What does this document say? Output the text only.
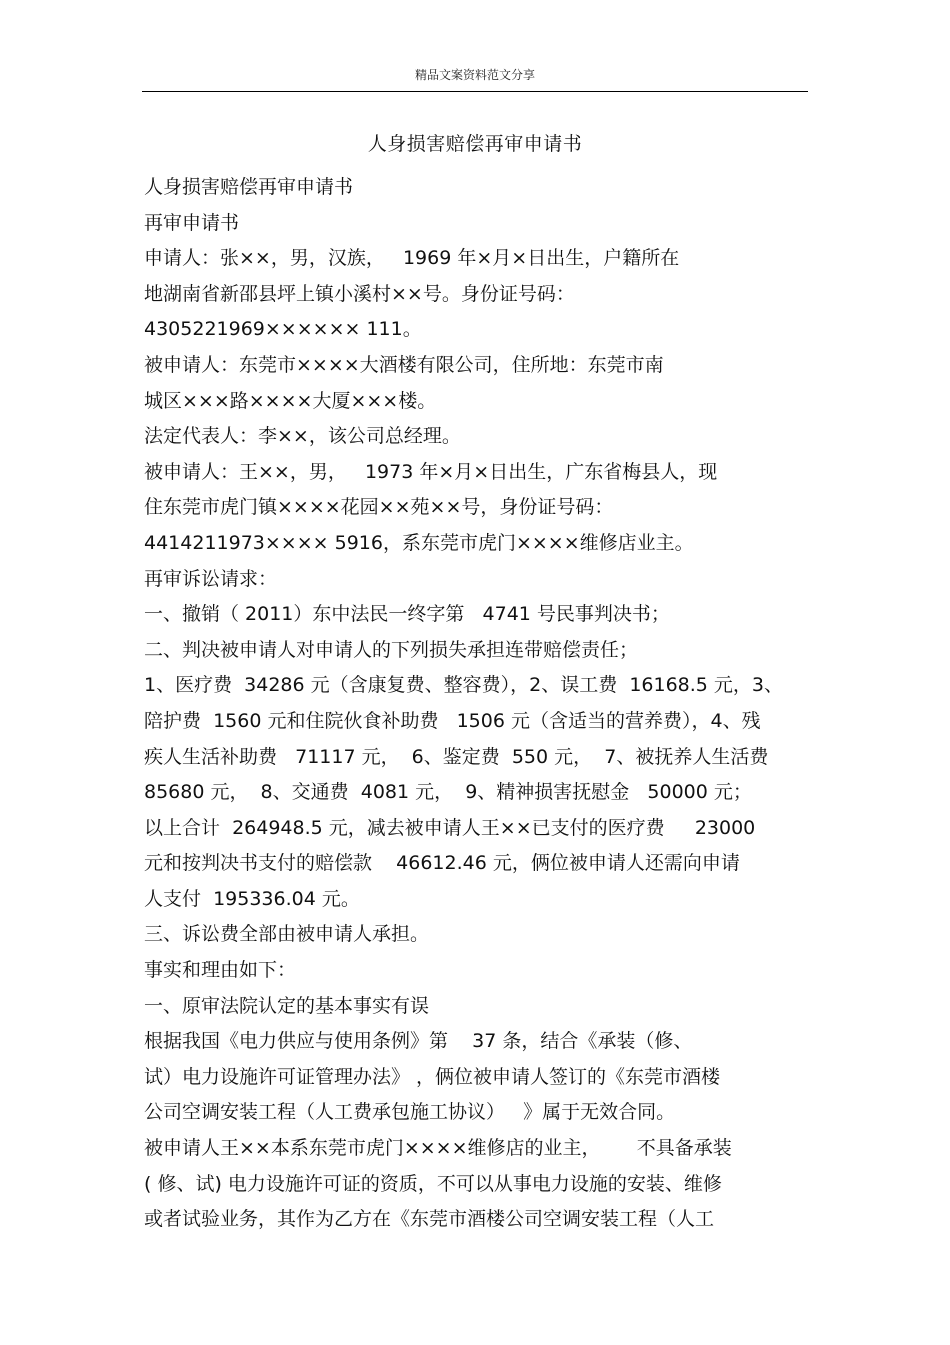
精品文案资料范文分享
人身损害赔偿再审申请书
人身损害赔偿再审申请书
再审申请书
申请人：张××，男，汉族，   1969 年×月×日出生，户籍所在
地湖南省新邵县坪上镇小溪村××号。身份证号码：
4305221969×××××× 111。
被申请人：东莞市××××大酒楼有限公司，住所地：东莞市南
城区×××路××××大厦×××楼。
法定代表人：李××，该公司总经理。
被申请人：王××，男，   1973 年×月×日出生，广东省梅县人，现
住东莞市虎门镇××××花园××苑××号，身份证号码：
4414211973×××× 5916，系东莞市虎门××××维修店业主。
再审诉讼请求：
一、撤销（ 2011）东中法民一终字第   4741 号民事判决书；
二、判决被申请人对申请人的下列损失承担连带赔偿责任；
1、医疗费  34286 元（含康复费、整容费），2、误工费  16168.5 元，3、
陪护费  1560 元和住院伙食补助费   1506 元（含适当的营养费），4、残
疾人生活补助费   71117 元，  6、鉴定费  550 元，  7、被抚养人生活费
85680 元，  8、交通费  4081 元，  9、精神损害抚慰金   50000 元；
以上合计  264948.5 元，减去被申请人王××已支付的医疗费     23000
元和按判决书支付的赔偿款    46612.46 元，俩位被申请人还需向申请
人支付  195336.04 元。
三、诉讼费全部由被申请人承担。
事实和理由如下：
一、原审法院认定的基本事实有误
根据我国《电力供应与使用条例》第    37 条，结合《承装（修、
试）电力设施许可证管理办法》 ，俩位被申请人签订的《东莞市酒楼
公司空调安装工程（人工费承包施工协议）   》属于无效合同。
被申请人王××本系东莞市虎门××××维修店的业主，      不具备承装
( 修、试) 电力设施许可证的资质，不可以从事电力设施的安装、维修
或者试验业务，其作为乙方在《东莞市酒楼公司空调安装工程（人工
